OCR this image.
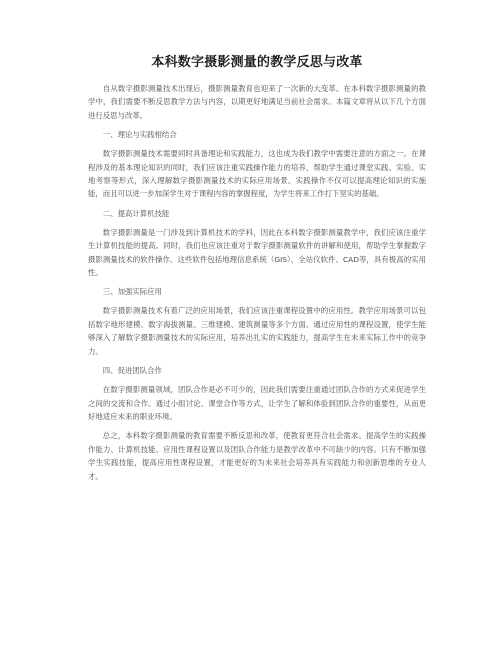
本科数字摄影测量的教学反思与改革

自从数字摄影测量技术出现后，摄影测量教育也迎来了一次新的大变革。在本科数字摄影测量的教学中，我们需要不断反思教学方法与内容，以期更好地满足当前社会需求。本篇文章将从以下几个方面进行反思与改革。

一、理论与实践相结合

数字摄影测量技术需要同时具备理论和实践能力，这也成为我们教学中需要注意的方面之一。在课程涉及的基本理论知识的同时，我们应该注重实践操作能力的培养，帮助学生通过课堂实践、实验、实地考察等形式，深入理解数字摄影测量技术的实际应用场景。实践操作不仅可以提高理论知识的实施能，而且可以进一步加深学生对于课程内容的掌握程度，为学生将来工作打下坚实的基础。

二、提高计算机技能

数字摄影测量是一门涉及到计算机技术的学科，因此在本科数字摄影测量教学中，我们应该注重学生计算机技能的提高。同时，我们也应该注重对于数字摄影测量软件的讲解和使用，帮助学生掌握数字摄影测量技术的软件操作。这些软件包括地理信息系统（GIS）、全站仪软件、CAD等，具有极高的实用性。

三、加强实际应用

数字摄影测量技术有着广泛的应用场景，我们应该注重课程设置中的应用性。教学应用场景可以包括数字地形建模、数字海拔测量、三维建模、建筑测量等多个方面。通过应用性的课程设置，使学生能够深入了解数字摄影测量技术的实际应用，培养出扎实的实践能力，提高学生在未来实际工作中的竞争力。

四、促进团队合作

在数字摄影测量领域，团队合作是必不可少的，因此我们需要注重通过团队合作的方式来促进学生之间的交流和合作。通过小组讨论、课堂合作等方式，让学生了解和体验到团队合作的重要性，从而更好地适应未来的职业环境。

总之，本科数字摄影测量的教育需要不断反思和改革，使教育更符合社会需求。提高学生的实践操作能力、计算机技能、应用性课程设置以及团队合作能力是教学改革中不可缺少的内容。只有不断加强学生实践技能，提高应用性课程设置，才能更好的为未来社会培养具有实践能力和创新思维的专业人才。
